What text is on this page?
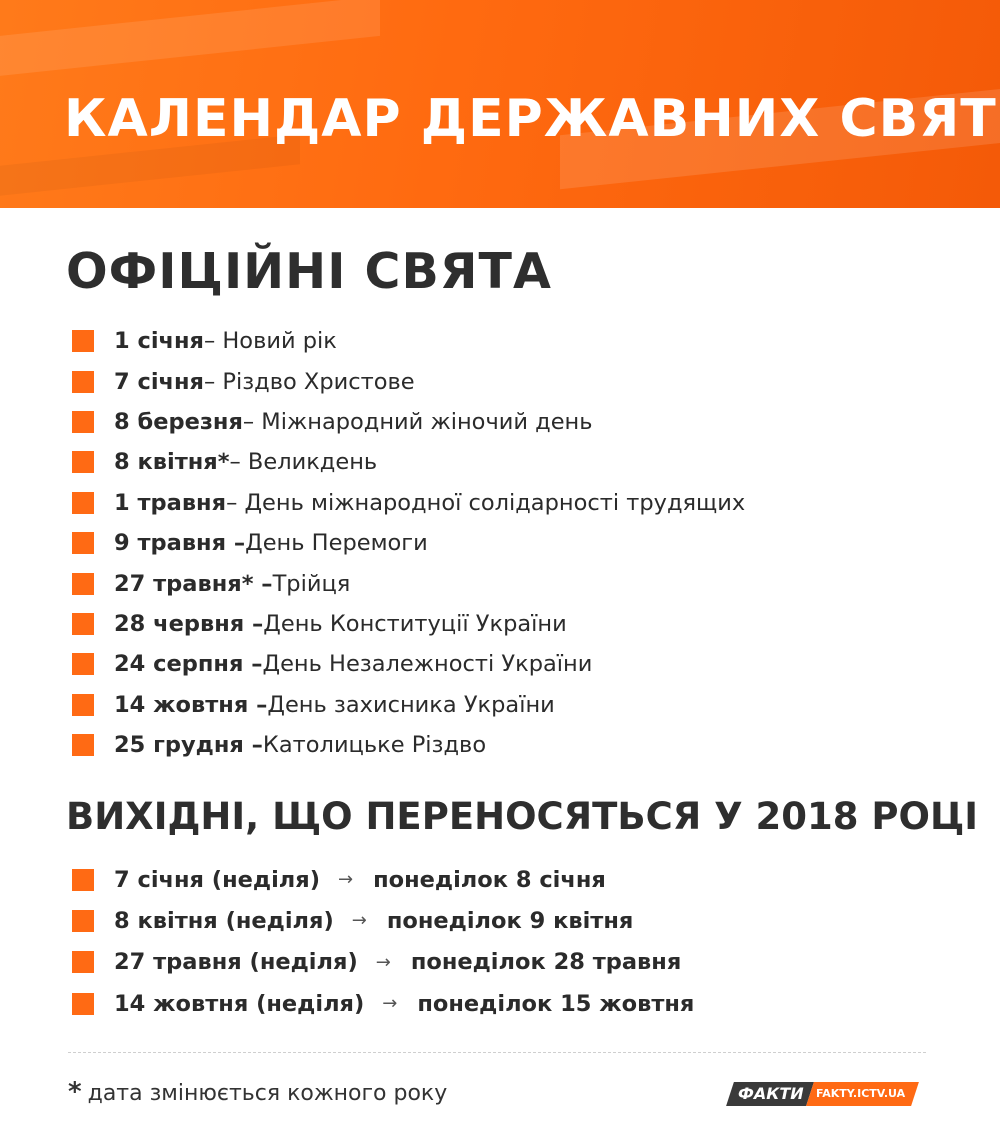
КАЛЕНДАР ДЕРЖАВНИХ СВЯТ
ОФІЦІЙНІ СВЯТА
1 січня – Новий рік
7 січня – Різдво Христове
8 березня – Міжнародний жіночий день
8 квітня* – Великдень
1 травня – День міжнародної солідарності трудящих
9 травня – День Перемоги
27 травня* – Трійця
28 червня – День Конституції України
24 серпня – День Незалежності України
14 жовтня – День захисника України
25 грудня – Католицьке Різдво
ВИХІДНІ, ЩО ПЕРЕНОСЯТЬСЯ У 2018 РОЦІ
7 січня (неділя) → понеділок 8 січня
8 квітня (неділя) → понеділок 9 квітня
27 травня (неділя) → понеділок 28 травня
14 жовтня (неділя) → понеділок 15 жовтня

* дата змінюється кожного року	ФАКТИ	FAKTY.ICTV.UA
